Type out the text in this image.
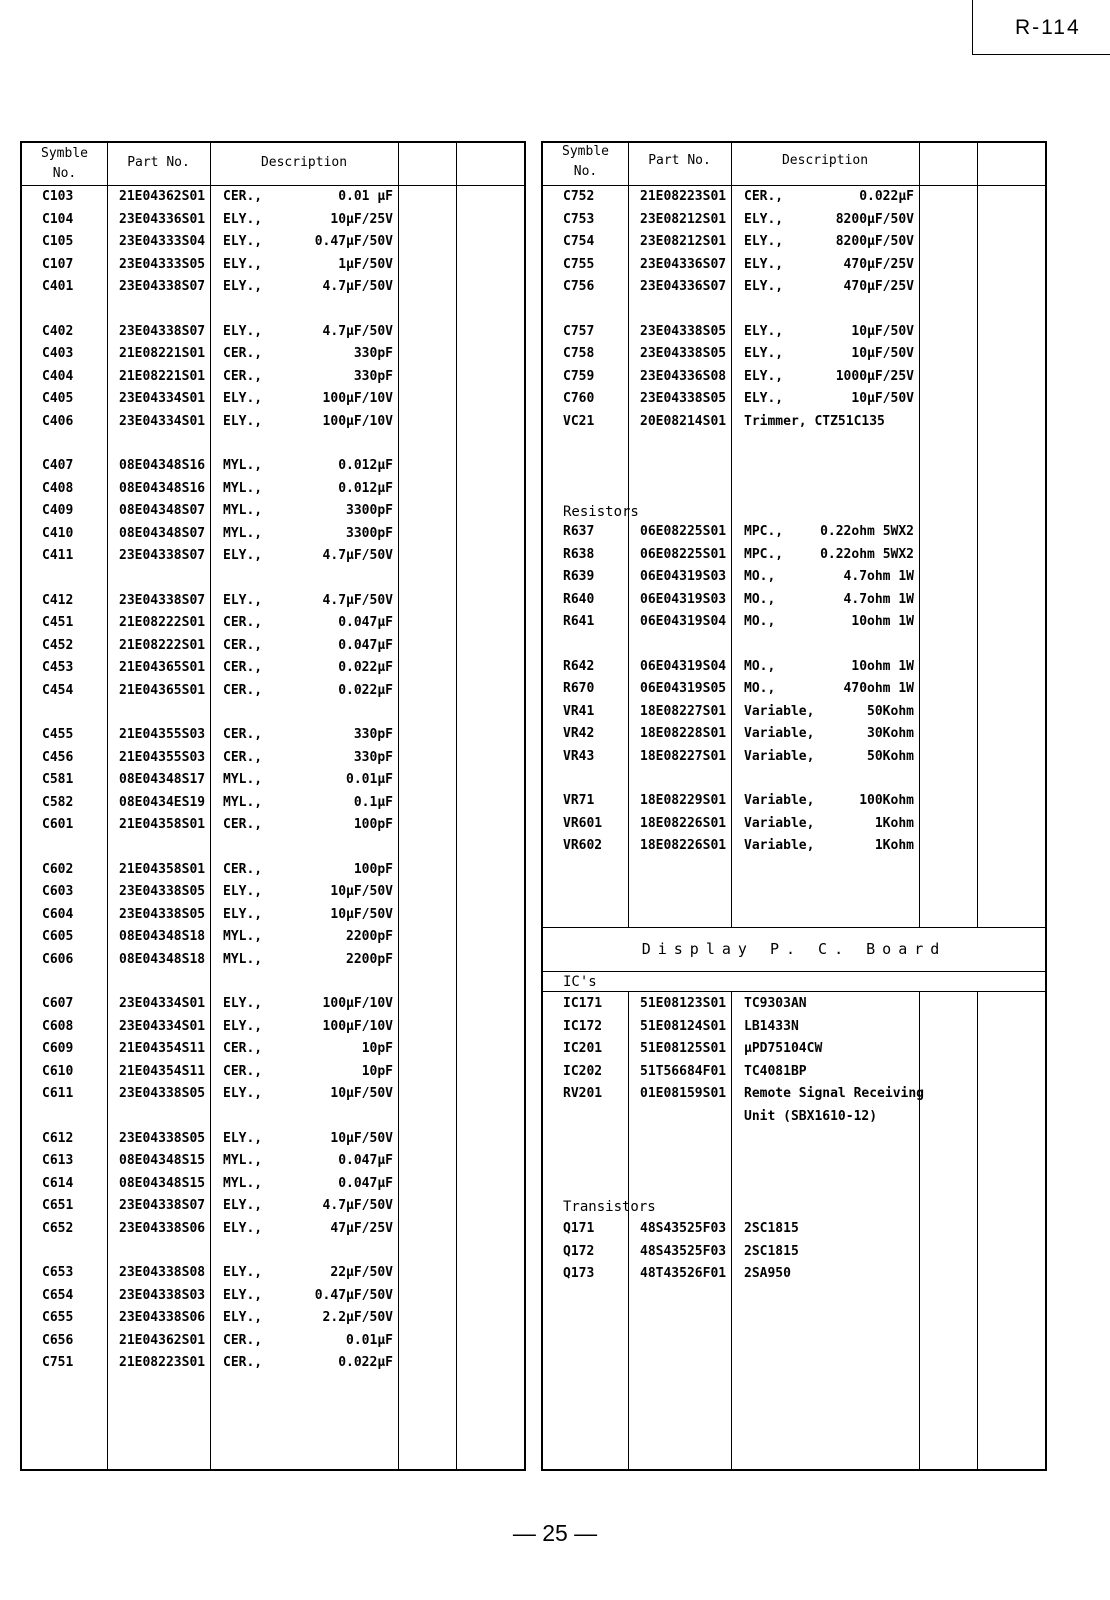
R-114
Symble
No.
Part No.	Description
C103	21E04362S01 CER.,	0.01 μF
C104	23E04336S01 ELY.,	10μF/25V
C105	23E04333S04 ELY.,	0.47μF/50V
C107	23E04333S05 ELY.,	1μF/50V
C401	23E04338S07 ELY.,	4.7μF/50V
C402	23E04338S07 ELY.,	4.7μF/50V
C403	21E08221S01 CER.,	330pF
C404	21E08221S01 CER.,	330pF
C405	23E04334S01 ELY.,	100μF/10V
C406	23E04334S01 ELY.,	100μF/10V
C407	08E04348S16 MYL.,	0.012μF
C408	08E04348S16 MYL.,	0.012μF
C409	08E04348S07 MYL.,	3300pF
C410	08E04348S07 MYL.,	3300pF
C411	23E04338S07 ELY.,	4.7μF/50V
C412	23E04338S07 ELY.,	4.7μF/50V
C451	21E08222S01 CER.,	0.047μF
C452	21E08222S01 CER.,	0.047μF
C453	21E04365S01 CER.,	0.022μF
C454	21E04365S01 CER.,	0.022μF
C455	21E04355S03 CER.,	330pF
C456	21E04355S03 CER.,	330pF
C581	08E04348S17 MYL.,	0.01μF
C582	08E0434ES19 MYL.,	0.1μF
C601	21E04358S01 CER.,	100pF
C602	21E04358S01 CER.,	100pF
C603	23E04338S05 ELY.,	10μF/50V
C604	23E04338S05 ELY.,	10μF/50V
C605	08E04348S18 MYL.,	2200pF
C606	08E04348S18 MYL.,	2200pF
C607	23E04334S01 ELY.,	100μF/10V
C608	23E04334S01 ELY.,	100μF/10V
C609	21E04354S11 CER.,	10pF
C610	21E04354S11 CER.,	10pF
C611	23E04338S05 ELY.,	10μF/50V
C612	23E04338S05 ELY.,	10μF/50V
C613	08E04348S15 MYL.,	0.047μF
C614	08E04348S15 MYL.,	0.047μF
C651	23E04338S07 ELY.,	4.7μF/50V
C652	23E04338S06 ELY.,	47μF/25V
C653	23E04338S08 ELY.,	22μF/50V
C654	23E04338S03 ELY.,	0.47μF/50V
C655	23E04338S06 ELY.,	2.2μF/50V
C656	21E04362S01 CER.,	0.01μF
C751	21E08223S01 CER.,	0.022μF
Symble
No.
Part No.	Description
Resistors
Display P. C. Board
IC's
Transistors
C752	21E08223S01 CER.,	0.022μF
C753	23E08212S01 ELY.,	8200μF/50V
C754	23E08212S01 ELY.,	8200μF/50V
C755	23E04336S07 ELY.,	470μF/25V
C756	23E04336S07 ELY.,	470μF/25V
C757	23E04338S05 ELY.,	10μF/50V
C758	23E04338S05 ELY.,	10μF/50V
C759	23E04336S08 ELY.,	1000μF/25V
C760	23E04338S05 ELY.,	10μF/50V
VC21	20E08214S01 Trimmer, CTZ51C135
R637	06E08225S01 MPC.,	0.22ohm 5WX2
R638	06E08225S01 MPC.,	0.22ohm 5WX2
R639	06E04319S03 MO.,	4.7ohm 1W
R640	06E04319S03 MO.,	4.7ohm 1W
R641	06E04319S04 MO.,	10ohm 1W
R642	06E04319S04 MO.,	10ohm 1W
R670	06E04319S05 MO.,	470ohm 1W
VR41	18E08227S01 Variable,	50Kohm
VR42	18E08228S01 Variable,	30Kohm
VR43	18E08227S01 Variable,	50Kohm
VR71	18E08229S01 Variable,	100Kohm
VR601	18E08226S01 Variable,	1Kohm
VR602	18E08226S01 Variable,	1Kohm
IC171	51E08123S01 TC9303AN
IC172	51E08124S01 LB1433N
IC201	51E08125S01 μPD75104CW
IC202	51T56684F01 TC4081BP
RV201	01E08159S01 Remote Signal Receiving
Unit (SBX1610-12)
Q171	48S43525F03 2SC1815
Q172	48S43525F03 2SC1815
Q173	48T43526F01 2SA950
— 25 —
